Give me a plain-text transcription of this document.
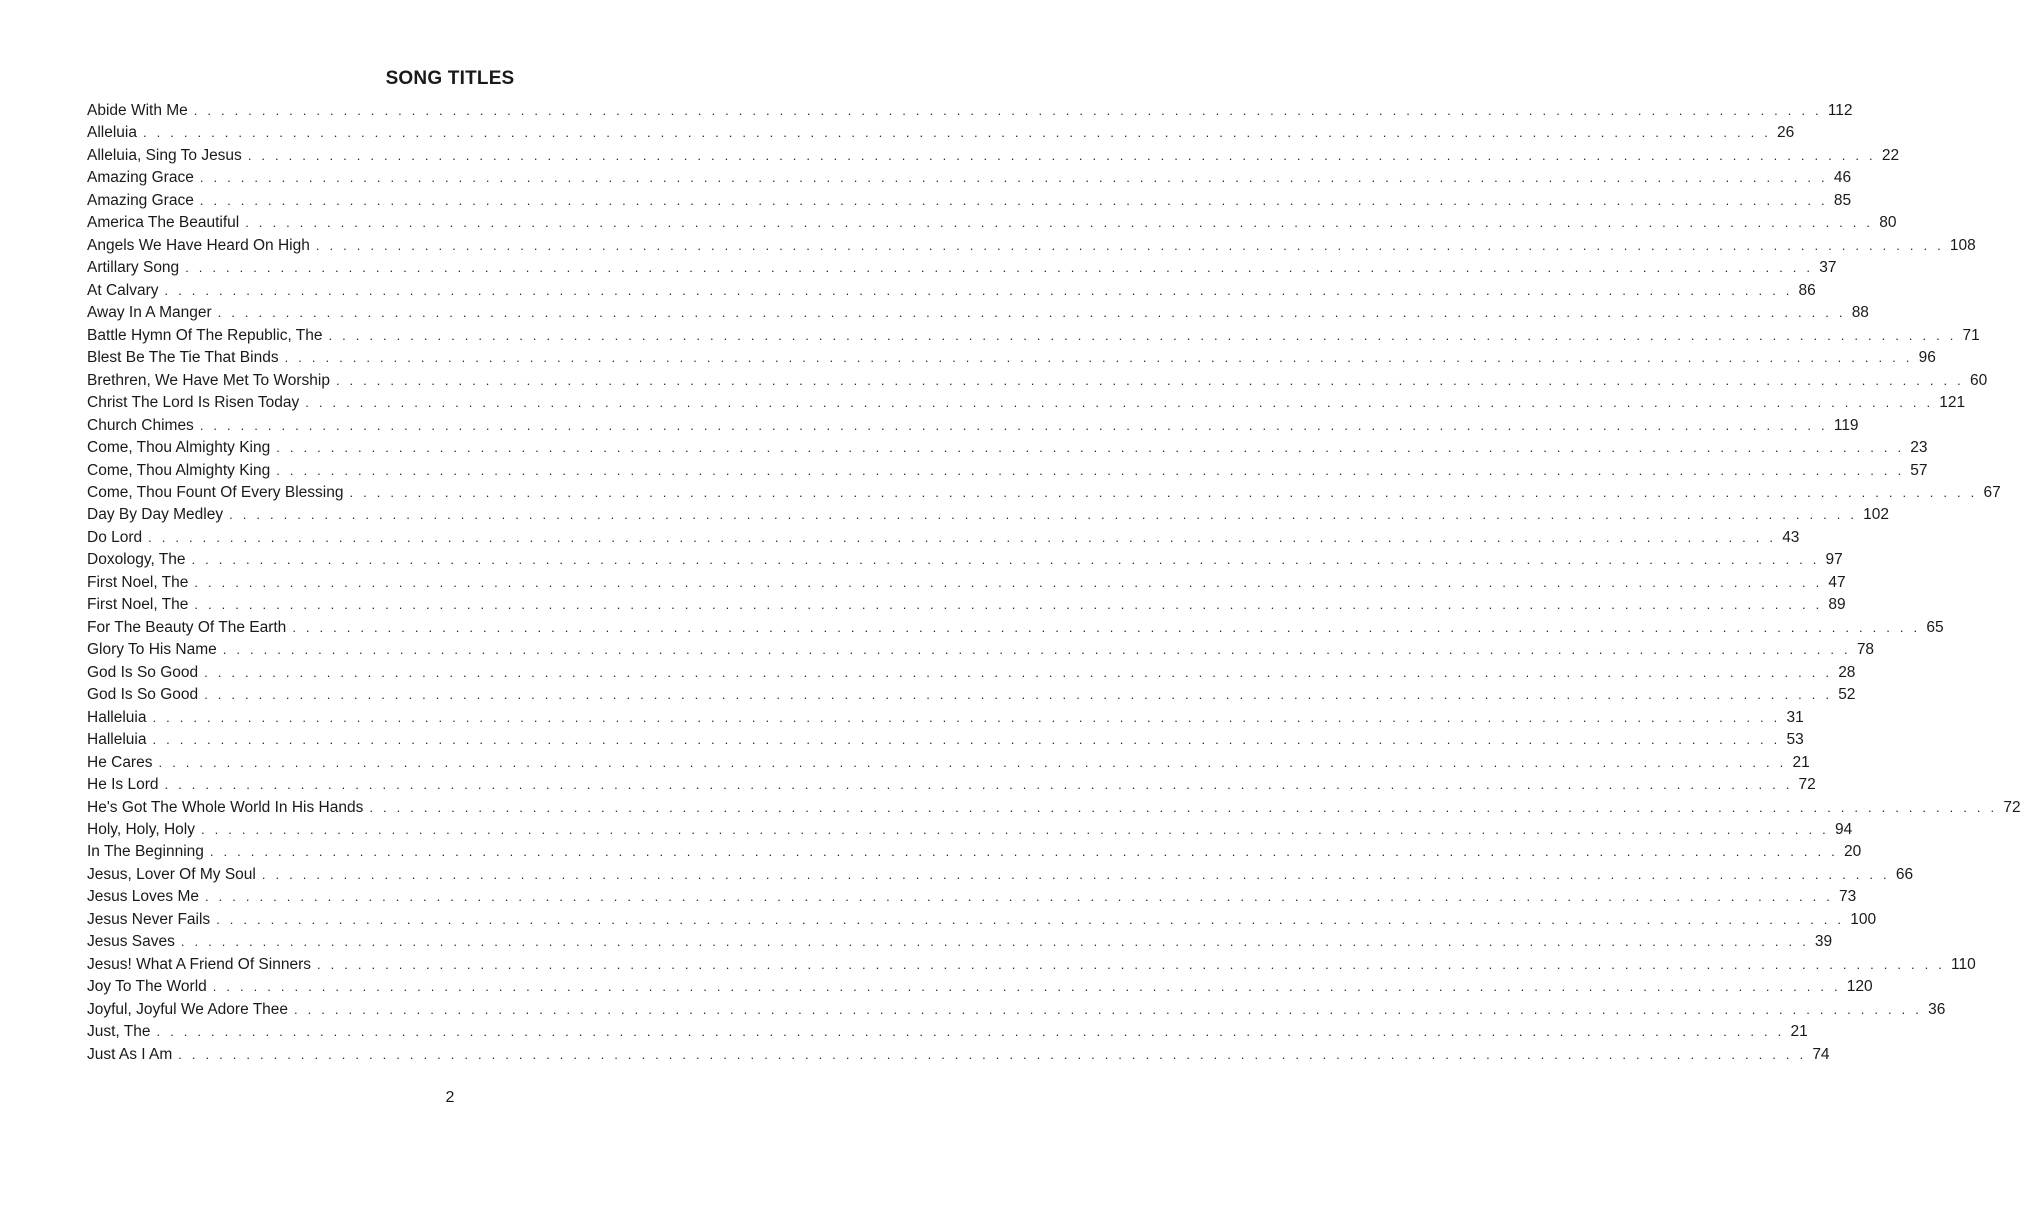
SONG TITLES
Abide With Me . . . . . . . . . . . . . . . . . . . . . . . . . . . . . . . . . . . . . . . . . . . . . . . . . . . . . . . . . . . . . . . . . . . . . . . . . . . . . . . . . . . . . . . . . . . . . . . . . . . . . . . . . . . . . . . . . . . . . . . . 112
Alleluia . . . . . . . . . . . . . . . . . . . . . . . . . . . . . . . . . . . . . . . . . . . . . . . . . . . . . . . . . . . . . . . . . . . . . . . . . . . . . . . . . . . . . . . . . . . . . . . . . . . . . . . . . . . . . . . . . . . . . . . . 26
Alleluia, Sing To Jesus . . . . . . . . . . . . . . . . . . . . . . . . . . . . . . . . . . . . . . . . . . . . . . . . . . . . . . . . . . . . . . . . . . . . . . . . . . . . . . . . . . . . . . . . . . . . . . . . . . . . . . . . . . . . . . . . . . . . . . . . 22
Amazing Grace . . . . . . . . . . . . . . . . . . . . . . . . . . . . . . . . . . . . . . . . . . . . . . . . . . . . . . . . . . . . . . . . . . . . . . . . . . . . . . . . . . . . . . . . . . . . . . . . . . . . . . . . . . . . . . . . . . . . . . . . 46
Amazing Grace . . . . . . . . . . . . . . . . . . . . . . . . . . . . . . . . . . . . . . . . . . . . . . . . . . . . . . . . . . . . . . . . . . . . . . . . . . . . . . . . . . . . . . . . . . . . . . . . . . . . . . . . . . . . . . . . . . . . . . . . 85
America The Beautiful . . . . . . . . . . . . . . . . . . . . . . . . . . . . . . . . . . . . . . . . . . . . . . . . . . . . . . . . . . . . . . . . . . . . . . . . . . . . . . . . . . . . . . . . . . . . . . . . . . . . . . . . . . . . . . . . . . . . . . . . 80
Angels We Have Heard On High . . . . . . . . . . . . . . . . . . . . . . . . . . . . . . . . . . . . . . . . . . . . . . . . . . . . . . . . . . . . . . . . . . . . . . . . . . . . . . . . . . . . . . . . . . . . . . . . . . . . . . . . . . . . . . . . . . . . . . . . 108
Artillary Song . . . . . . . . . . . . . . . . . . . . . . . . . . . . . . . . . . . . . . . . . . . . . . . . . . . . . . . . . . . . . . . . . . . . . . . . . . . . . . . . . . . . . . . . . . . . . . . . . . . . . . . . . . . . . . . . . . . . . . . . 37
At Calvary . . . . . . . . . . . . . . . . . . . . . . . . . . . . . . . . . . . . . . . . . . . . . . . . . . . . . . . . . . . . . . . . . . . . . . . . . . . . . . . . . . . . . . . . . . . . . . . . . . . . . . . . . . . . . . . . . . . . . . . . 86
Away In A Manger . . . . . . . . . . . . . . . . . . . . . . . . . . . . . . . . . . . . . . . . . . . . . . . . . . . . . . . . . . . . . . . . . . . . . . . . . . . . . . . . . . . . . . . . . . . . . . . . . . . . . . . . . . . . . . . . . . . . . . . . 88
Battle Hymn Of The Republic, The . . . . . . . . . . . . . . . . . . . . . . . . . . . . . . . . . . . . . . . . . . . . . . . . . . . . . . . . . . . . . . . . . . . . . . . . . . . . . . . . . . . . . . . . . . . . . . . . . . . . . . . . . . . . . . . . . . . . . . . . 71
Blest Be The Tie That Binds . . . . . . . . . . . . . . . . . . . . . . . . . . . . . . . . . . . . . . . . . . . . . . . . . . . . . . . . . . . . . . . . . . . . . . . . . . . . . . . . . . . . . . . . . . . . . . . . . . . . . . . . . . . . . . . . . . . . . . . . 96
Brethren, We Have Met To Worship . . . . . . . . . . . . . . . . . . . . . . . . . . . . . . . . . . . . . . . . . . . . . . . . . . . . . . . . . . . . . . . . . . . . . . . . . . . . . . . . . . . . . . . . . . . . . . . . . . . . . . . . . . . . . . . . . . . . . . . . 60
Christ The Lord Is Risen Today . . . . . . . . . . . . . . . . . . . . . . . . . . . . . . . . . . . . . . . . . . . . . . . . . . . . . . . . . . . . . . . . . . . . . . . . . . . . . . . . . . . . . . . . . . . . . . . . . . . . . . . . . . . . . . . . . . . . . . . . 121
Church Chimes . . . . . . . . . . . . . . . . . . . . . . . . . . . . . . . . . . . . . . . . . . . . . . . . . . . . . . . . . . . . . . . . . . . . . . . . . . . . . . . . . . . . . . . . . . . . . . . . . . . . . . . . . . . . . . . . . . . . . . . . 119
Come, Thou Almighty King . . . . . . . . . . . . . . . . . . . . . . . . . . . . . . . . . . . . . . . . . . . . . . . . . . . . . . . . . . . . . . . . . . . . . . . . . . . . . . . . . . . . . . . . . . . . . . . . . . . . . . . . . . . . . . . . . . . . . . . . 23
Come, Thou Almighty King . . . . . . . . . . . . . . . . . . . . . . . . . . . . . . . . . . . . . . . . . . . . . . . . . . . . . . . . . . . . . . . . . . . . . . . . . . . . . . . . . . . . . . . . . . . . . . . . . . . . . . . . . . . . . . . . . . . . . . . . 57
Come, Thou Fount Of Every Blessing . . . . . . . . . . . . . . . . . . . . . . . . . . . . . . . . . . . . . . . . . . . . . . . . . . . . . . . . . . . . . . . . . . . . . . . . . . . . . . . . . . . . . . . . . . . . . . . . . . . . . . . . . . . . . . . . . . . . . . . . 67
Day By Day Medley . . . . . . . . . . . . . . . . . . . . . . . . . . . . . . . . . . . . . . . . . . . . . . . . . . . . . . . . . . . . . . . . . . . . . . . . . . . . . . . . . . . . . . . . . . . . . . . . . . . . . . . . . . . . . . . . . . . . . . . . 102
Do Lord . . . . . . . . . . . . . . . . . . . . . . . . . . . . . . . . . . . . . . . . . . . . . . . . . . . . . . . . . . . . . . . . . . . . . . . . . . . . . . . . . . . . . . . . . . . . . . . . . . . . . . . . . . . . . . . . . . . . . . . . 43
Doxology, The . . . . . . . . . . . . . . . . . . . . . . . . . . . . . . . . . . . . . . . . . . . . . . . . . . . . . . . . . . . . . . . . . . . . . . . . . . . . . . . . . . . . . . . . . . . . . . . . . . . . . . . . . . . . . . . . . . . . . . . . 97
First Noel, The . . . . . . . . . . . . . . . . . . . . . . . . . . . . . . . . . . . . . . . . . . . . . . . . . . . . . . . . . . . . . . . . . . . . . . . . . . . . . . . . . . . . . . . . . . . . . . . . . . . . . . . . . . . . . . . . . . . . . . . . 47
First Noel, The . . . . . . . . . . . . . . . . . . . . . . . . . . . . . . . . . . . . . . . . . . . . . . . . . . . . . . . . . . . . . . . . . . . . . . . . . . . . . . . . . . . . . . . . . . . . . . . . . . . . . . . . . . . . . . . . . . . . . . . . 89
For The Beauty Of The Earth . . . . . . . . . . . . . . . . . . . . . . . . . . . . . . . . . . . . . . . . . . . . . . . . . . . . . . . . . . . . . . . . . . . . . . . . . . . . . . . . . . . . . . . . . . . . . . . . . . . . . . . . . . . . . . . . . . . . . . . . 65
Glory To His Name . . . . . . . . . . . . . . . . . . . . . . . . . . . . . . . . . . . . . . . . . . . . . . . . . . . . . . . . . . . . . . . . . . . . . . . . . . . . . . . . . . . . . . . . . . . . . . . . . . . . . . . . . . . . . . . . . . . . . . . . 78
God Is So Good . . . . . . . . . . . . . . . . . . . . . . . . . . . . . . . . . . . . . . . . . . . . . . . . . . . . . . . . . . . . . . . . . . . . . . . . . . . . . . . . . . . . . . . . . . . . . . . . . . . . . . . . . . . . . . . . . . . . . . . . 28
God Is So Good . . . . . . . . . . . . . . . . . . . . . . . . . . . . . . . . . . . . . . . . . . . . . . . . . . . . . . . . . . . . . . . . . . . . . . . . . . . . . . . . . . . . . . . . . . . . . . . . . . . . . . . . . . . . . . . . . . . . . . . . 52
Halleluia . . . . . . . . . . . . . . . . . . . . . . . . . . . . . . . . . . . . . . . . . . . . . . . . . . . . . . . . . . . . . . . . . . . . . . . . . . . . . . . . . . . . . . . . . . . . . . . . . . . . . . . . . . . . . . . . . . . . . . . . 31
Halleluia . . . . . . . . . . . . . . . . . . . . . . . . . . . . . . . . . . . . . . . . . . . . . . . . . . . . . . . . . . . . . . . . . . . . . . . . . . . . . . . . . . . . . . . . . . . . . . . . . . . . . . . . . . . . . . . . . . . . . . . . 53
He Cares . . . . . . . . . . . . . . . . . . . . . . . . . . . . . . . . . . . . . . . . . . . . . . . . . . . . . . . . . . . . . . . . . . . . . . . . . . . . . . . . . . . . . . . . . . . . . . . . . . . . . . . . . . . . . . . . . . . . . . . . 21
He Is Lord . . . . . . . . . . . . . . . . . . . . . . . . . . . . . . . . . . . . . . . . . . . . . . . . . . . . . . . . . . . . . . . . . . . . . . . . . . . . . . . . . . . . . . . . . . . . . . . . . . . . . . . . . . . . . . . . . . . . . . . . 72
He's Got The Whole World In His Hands . . . . . . . . . . . . . . . . . . . . . . . . . . . . . . . . . . . . . . . . . . . . . . . . . . . . . . . . . . . . . . . . . . . . . . . . . . . . . . . . . . . . . . . . . . . . . . . . . . . . . . . . . . . . . . . . . . . . . . . . 72
Holy, Holy, Holy . . . . . . . . . . . . . . . . . . . . . . . . . . . . . . . . . . . . . . . . . . . . . . . . . . . . . . . . . . . . . . . . . . . . . . . . . . . . . . . . . . . . . . . . . . . . . . . . . . . . . . . . . . . . . . . . . . . . . . . . 94
In The Beginning . . . . . . . . . . . . . . . . . . . . . . . . . . . . . . . . . . . . . . . . . . . . . . . . . . . . . . . . . . . . . . . . . . . . . . . . . . . . . . . . . . . . . . . . . . . . . . . . . . . . . . . . . . . . . . . . . . . . . . . . 20
Jesus, Lover Of My Soul . . . . . . . . . . . . . . . . . . . . . . . . . . . . . . . . . . . . . . . . . . . . . . . . . . . . . . . . . . . . . . . . . . . . . . . . . . . . . . . . . . . . . . . . . . . . . . . . . . . . . . . . . . . . . . . . . . . . . . . . 66
Jesus Loves Me . . . . . . . . . . . . . . . . . . . . . . . . . . . . . . . . . . . . . . . . . . . . . . . . . . . . . . . . . . . . . . . . . . . . . . . . . . . . . . . . . . . . . . . . . . . . . . . . . . . . . . . . . . . . . . . . . . . . . . . . 73
Jesus Never Fails . . . . . . . . . . . . . . . . . . . . . . . . . . . . . . . . . . . . . . . . . . . . . . . . . . . . . . . . . . . . . . . . . . . . . . . . . . . . . . . . . . . . . . . . . . . . . . . . . . . . . . . . . . . . . . . . . . . . . . . . 100
Jesus Saves . . . . . . . . . . . . . . . . . . . . . . . . . . . . . . . . . . . . . . . . . . . . . . . . . . . . . . . . . . . . . . . . . . . . . . . . . . . . . . . . . . . . . . . . . . . . . . . . . . . . . . . . . . . . . . . . . . . . . . . . 39
Jesus! What A Friend Of Sinners . . . . . . . . . . . . . . . . . . . . . . . . . . . . . . . . . . . . . . . . . . . . . . . . . . . . . . . . . . . . . . . . . . . . . . . . . . . . . . . . . . . . . . . . . . . . . . . . . . . . . . . . . . . . . . . . . . . . . . . . 110
Joy To The World . . . . . . . . . . . . . . . . . . . . . . . . . . . . . . . . . . . . . . . . . . . . . . . . . . . . . . . . . . . . . . . . . . . . . . . . . . . . . . . . . . . . . . . . . . . . . . . . . . . . . . . . . . . . . . . . . . . . . . . . 120
Joyful, Joyful We Adore Thee . . . . . . . . . . . . . . . . . . . . . . . . . . . . . . . . . . . . . . . . . . . . . . . . . . . . . . . . . . . . . . . . . . . . . . . . . . . . . . . . . . . . . . . . . . . . . . . . . . . . . . . . . . . . . . . . . . . . . . . . 36
Just, The . . . . . . . . . . . . . . . . . . . . . . . . . . . . . . . . . . . . . . . . . . . . . . . . . . . . . . . . . . . . . . . . . . . . . . . . . . . . . . . . . . . . . . . . . . . . . . . . . . . . . . . . . . . . . . . . . . . . . . . . 21
Just As I Am . . . . . . . . . . . . . . . . . . . . . . . . . . . . . . . . . . . . . . . . . . . . . . . . . . . . . . . . . . . . . . . . . . . . . . . . . . . . . . . . . . . . . . . . . . . . . . . . . . . . . . . . . . . . . . . . . . . . . . . . 74
2
